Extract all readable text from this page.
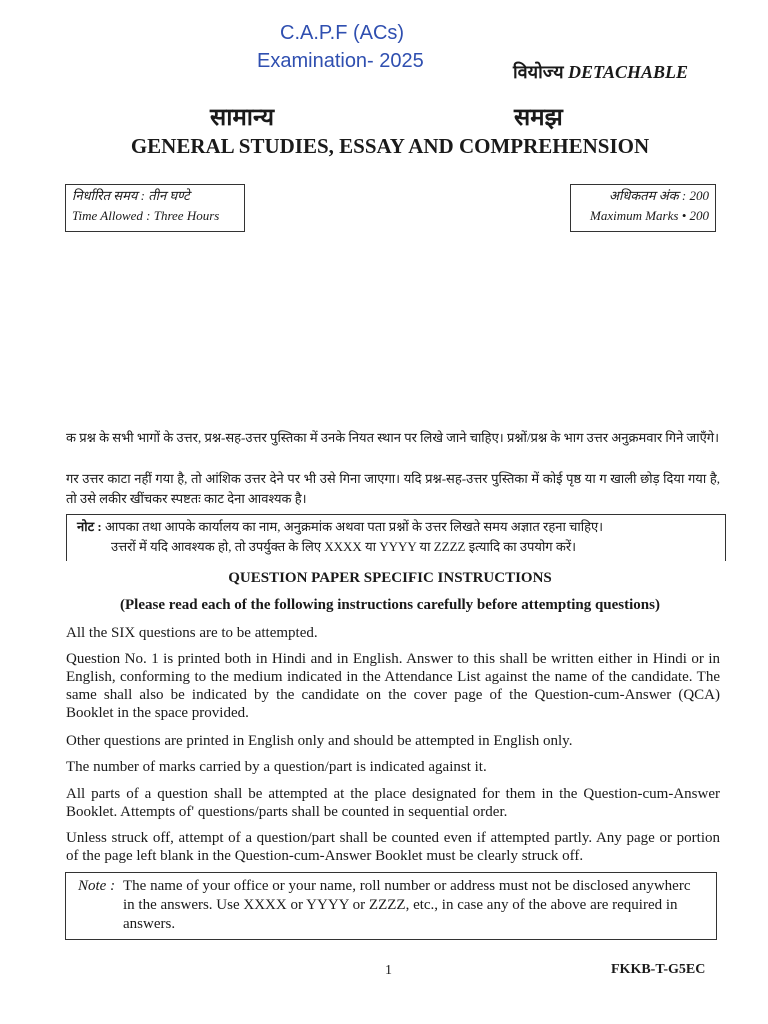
C.A.P.F (ACs)
Examination- 2025	वियोज्य DETACHABLE
सामान्य	समझ
GENERAL STUDIES, ESSAY AND COMPREHENSION
निर्धारित समय : तीन घण्टे
Time Allowed : Three Hours
अधिकतम अंक : 200
Maximum Marks • 200
क प्रश्न के सभी भागों के उत्तर, प्रश्न-सह-उत्तर पुस्तिका में उनके नियत स्थान पर लिखे जाने चाहिए। प्रश्नों/प्रश्न के भाग उत्तर अनुक्रमवार गिने जाएँगे।
गर उत्तर काटा नहीं गया है, तो आंशिक उत्तर देने पर भी उसे गिना जाएगा। यदि प्रश्न-सह-उत्तर पुस्तिका में कोई पृष्ठ या ग खाली छोड़ दिया गया है, तो उसे लकीर खींचकर स्पष्टतः काट देना आवश्यक है।
नोट : आपका तथा आपके कार्यालय का नाम, अनुक्रमांक अथवा पता प्रश्नों के उत्तर लिखते समय अज्ञात रहना चाहिए।
उत्तरों में यदि आवश्यक हो, तो उपर्युक्त के लिए XXXX या YYYY या ZZZZ इत्यादि का उपयोग करें।
QUESTION PAPER SPECIFIC INSTRUCTIONS
(Please read each of the following instructions carefully before attempting questions)
All the SIX questions are to be attempted.
Question No. 1 is printed both in Hindi and in English. Answer to this shall be written either in Hindi or in English, conforming to the medium indicated in the Attendance List against the name of the candidate. The same shall also be indicated by the candidate on the cover page of the Question-cum-Answer (QCA) Booklet in the space provided.
Other questions are printed in English only and should be attempted in English only.
The number of marks carried by a question/part is indicated against it.
All parts of a question shall be attempted at the place designated for them in the Question-cum-Answer Booklet. Attempts of' questions/parts shall be counted in sequential order.
Unless struck off, attempt of a question/part shall be counted even if attempted partly. Any page or portion of the page left blank in the Question-cum-Answer Booklet must be clearly struck off.
Note : The name of your office or your name, roll number or address must not be disclosed anywherc in the answers. Use XXXX or YYYY or ZZZZ, etc., in case any of the above are required in answers.
1	FKKB-T-G5EC
